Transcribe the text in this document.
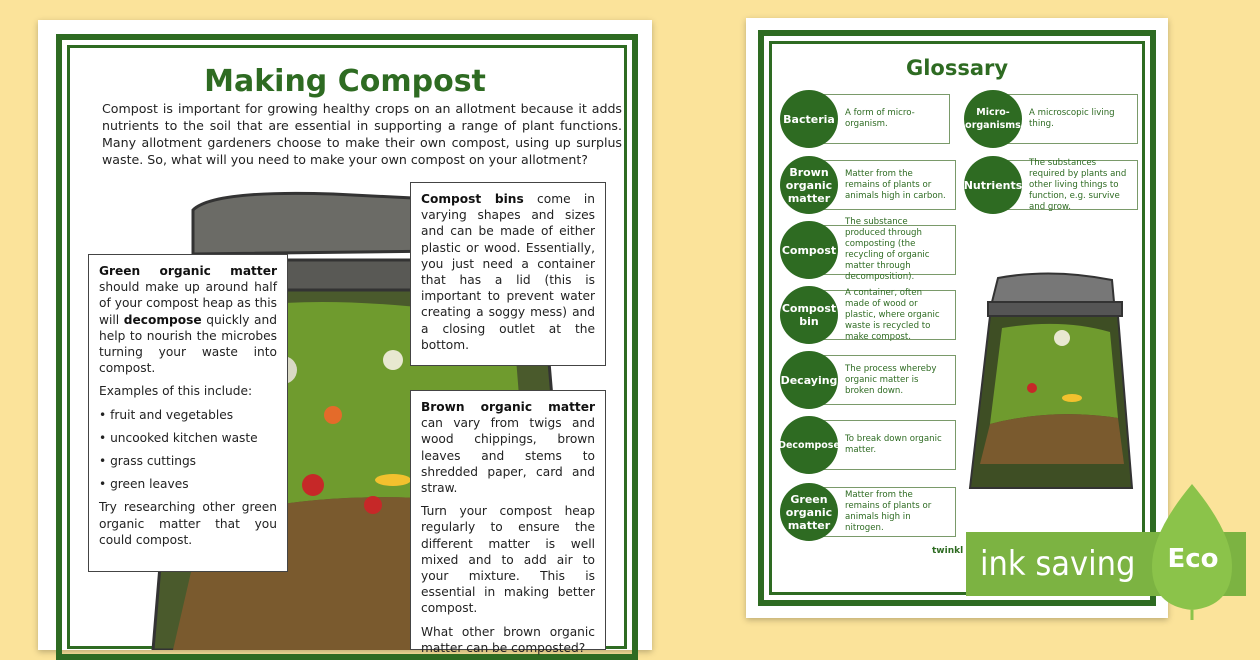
Making Compost
Compost is important for growing healthy crops on an allotment because it adds nutrients to the soil that are essential in supporting a range of plant functions. Many allotment gardeners choose to make their own compost, using up surplus waste. So, what will you need to make your own compost on your allotment?

Green organic matter should make up around half of your compost heap as this will decompose quickly and help to nourish the microbes turning your waste into compost.

Examples of this include:

• fruit and vegetables

• uncooked kitchen waste

• grass cuttings

• green leaves

Try researching other green organic matter that you could compost.

Compost bins come in varying shapes and sizes and can be made of either plastic or wood. Essentially, you just need a container that has a lid (this is important to prevent water creating a soggy mess) and a closing outlet at the bottom.

Brown organic matter can vary from twigs and wood chippings, brown leaves and stems to shredded paper, card and straw.

Turn your compost heap regularly to ensure the different matter is well mixed and to add air to your mixture. This is essential in making better compost.

What other brown organic matter can be composted?

Glossary
Bacteria	A form of micro-organism.
Brown organic matter
Matter from the remains of plants or animals high in carbon.
Compost
The substance produced through composting (the recycling of organic matter through decomposition).
Compost bin
A container, often made of wood or plastic, where organic waste is recycled to make compost.
Decaying
The process whereby organic matter is broken down.
Decompose
To break down organic matter.
Green organic matter
Matter from the remains of plants or animals high in nitrogen.
Micro-organisms
A microscopic living thing.
Nutrients
The substances required by plants and other living things to function, e.g. survive and grow.
twinkl ink saving	Eco
